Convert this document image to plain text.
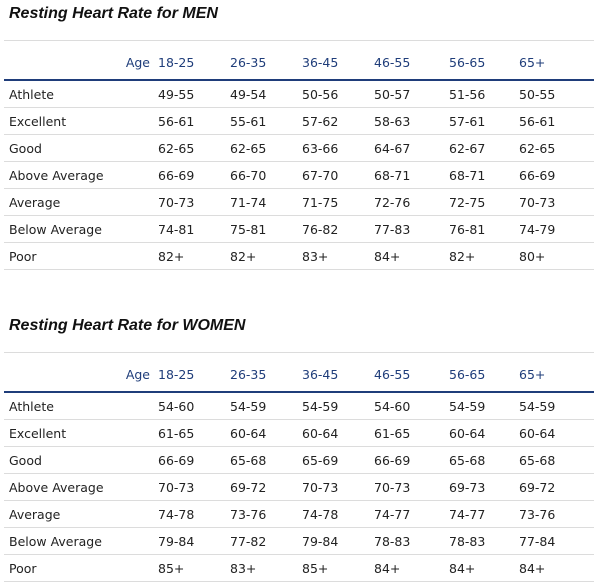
Resting Heart Rate for MEN

Age	18-25	26-35	36-45	46-55	56-65	65+
Athlete	49-55	49-54	50-56	50-57	51-56	50-55
Excellent	56-61	55-61	57-62	58-63	57-61	56-61
Good	62-65	62-65	63-66	64-67	62-67	62-65
Above Average	66-69	66-70	67-70	68-71	68-71	66-69
Average	70-73	71-74	71-75	72-76	72-75	70-73
Below Average	74-81	75-81	76-82	77-83	76-81	74-79
Poor	82+	82+	83+	84+	82+	80+
Resting Heart Rate for WOMEN

Age	18-25	26-35	36-45	46-55	56-65	65+
Athlete	54-60	54-59	54-59	54-60	54-59	54-59
Excellent	61-65	60-64	60-64	61-65	60-64	60-64
Good	66-69	65-68	65-69	66-69	65-68	65-68
Above Average	70-73	69-72	70-73	70-73	69-73	69-72
Average	74-78	73-76	74-78	74-77	74-77	73-76
Below Average	79-84	77-82	79-84	78-83	78-83	77-84
Poor	85+	83+	85+	84+	84+	84+
